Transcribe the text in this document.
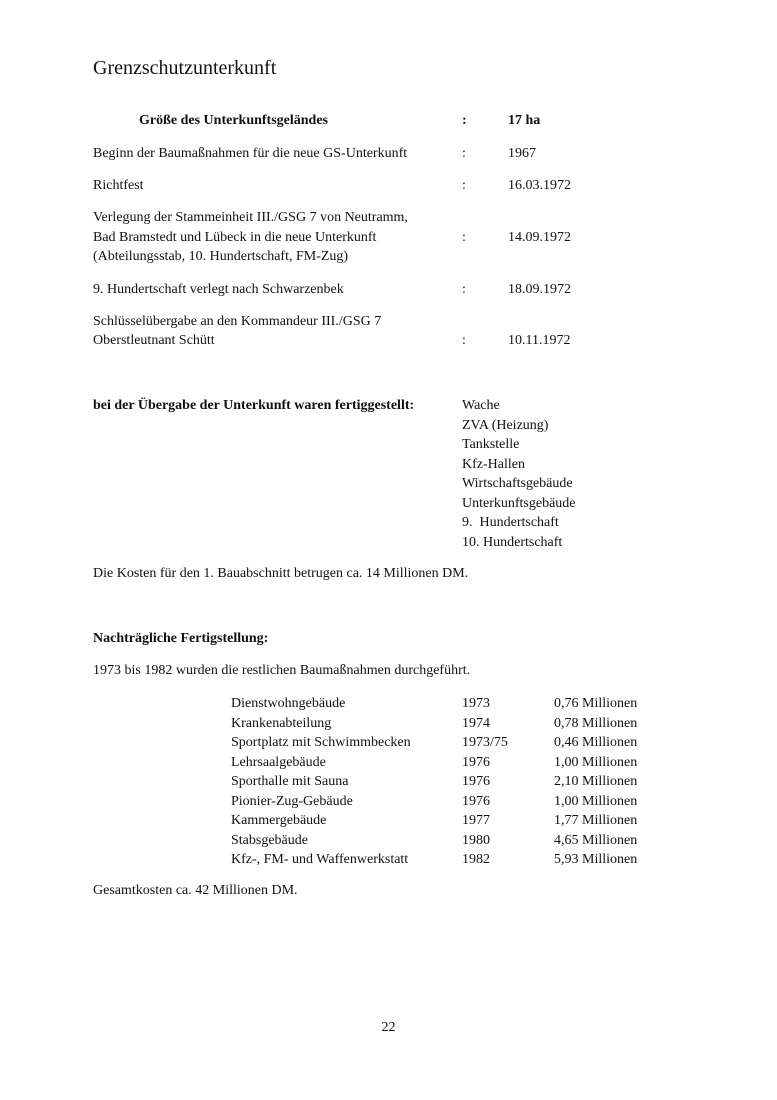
Grenzschutzunterkunft
Größe des Unterkunftsgeländes	:	17 ha
Beginn der Baumaßnahmen für die neue GS-Unterkunft	:	1967
Richtfest	:	16.03.1972
Verlegung der Stammeinheit III./GSG 7 von Neutramm,
Bad Bramstedt und Lübeck in die neue Unterkunft
(Abteilungsstab, 10. Hundertschaft, FM-Zug)
:	14.09.1972
9. Hundertschaft verlegt nach Schwarzenbek	:	18.09.1972
Schlüsselübergabe an den Kommandeur III./GSG 7
Oberstleutnant Schütt	:	10.11.1972
bei der Übergabe der Unterkunft waren fertiggestellt:	Wache
ZVA (Heizung)
Tankstelle
Kfz-Hallen
Wirtschaftsgebäude
Unterkunftsgebäude
9.  Hundertschaft
10. Hundertschaft
Die Kosten für den 1. Bauabschnitt betrugen ca. 14 Millionen DM.
Nachträgliche Fertigstellung:
1973 bis 1982 wurden die restlichen Baumaßnahmen durchgeführt.
Dienstwohngebäude	1973	0,76 Millionen
Krankenabteilung	1974	0,78 Millionen
Sportplatz mit Schwimmbecken	1973/75	0,46 Millionen
Lehrsaalgebäude	1976	1,00 Millionen
Sporthalle mit Sauna	1976	2,10 Millionen
Pionier-Zug-Gebäude	1976	1,00 Millionen
Kammergebäude	1977	1,77 Millionen
Stabsgebäude	1980	4,65 Millionen
Kfz-, FM- und Waffenwerkstatt	1982	5,93 Millionen
Gesamtkosten ca. 42 Millionen DM.
22
